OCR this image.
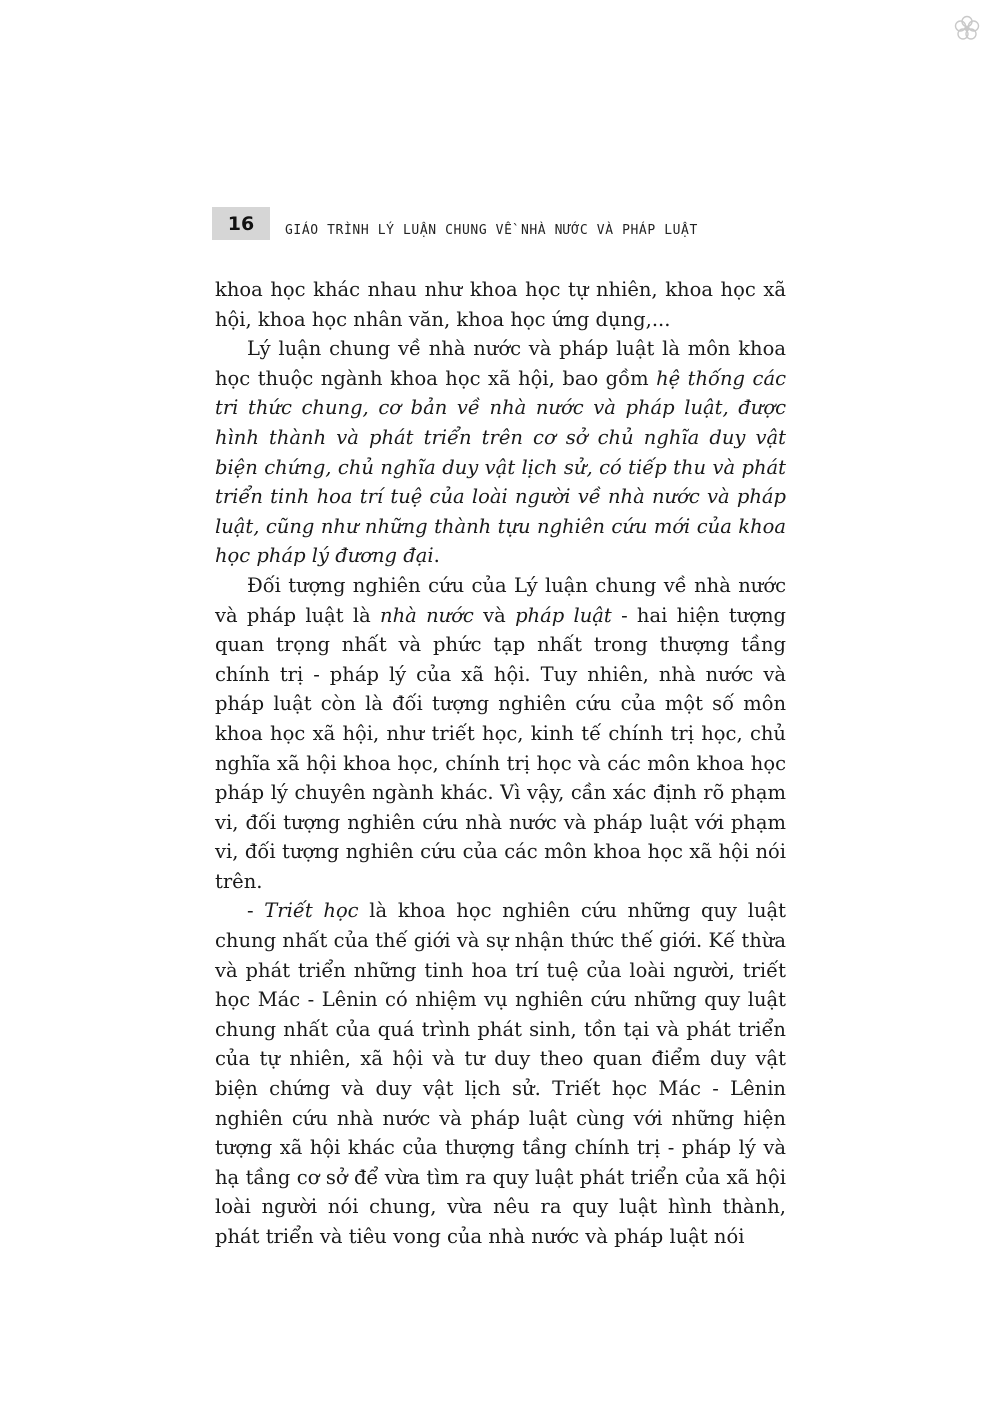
16	GIÁO TRÌNH LÝ LUẬN CHUNG VỀ NHÀ NƯỚC VÀ PHÁP LUẬT

khoa học khác nhau như khoa học tự nhiên, khoa học xã hội, khoa học nhân văn, khoa học ứng dụng,...

Lý luận chung về nhà nước và pháp luật là môn khoa học thuộc ngành khoa học xã hội, bao gồm hệ thống các tri thức chung, cơ bản về nhà nước và pháp luật, được hình thành và phát triển trên cơ sở chủ nghĩa duy vật biện chứng, chủ nghĩa duy vật lịch sử, có tiếp thu và phát triển tinh hoa trí tuệ của loài người về nhà nước và pháp luật, cũng như những thành tựu nghiên cứu mới của khoa học pháp lý đương đại.

Đối tượng nghiên cứu của Lý luận chung về nhà nước và pháp luật là nhà nước và pháp luật - hai hiện tượng quan trọng nhất và phức tạp nhất trong thượng tầng chính trị - pháp lý của xã hội. Tuy nhiên, nhà nước và pháp luật còn là đối tượng nghiên cứu của một số môn khoa học xã hội, như triết học, kinh tế chính trị học, chủ nghĩa xã hội khoa học, chính trị học và các môn khoa học pháp lý chuyên ngành khác. Vì vậy, cần xác định rõ phạm vi, đối tượng nghiên cứu nhà nước và pháp luật với phạm vi, đối tượng nghiên cứu của các môn khoa học xã hội nói trên.

- Triết học là khoa học nghiên cứu những quy luật chung nhất của thế giới và sự nhận thức thế giới. Kế thừa và phát triển những tinh hoa trí tuệ của loài người, triết học Mác - Lênin có nhiệm vụ nghiên cứu những quy luật chung nhất của quá trình phát sinh, tồn tại và phát triển của tự nhiên, xã hội và tư duy theo quan điểm duy vật biện chứng và duy vật lịch sử. Triết học Mác - Lênin nghiên cứu nhà nước và pháp luật cùng với những hiện tượng xã hội khác của thượng tầng chính trị - pháp lý và hạ tầng cơ sở để vừa tìm ra quy luật phát triển của xã hội loài người nói chung, vừa nêu ra quy luật hình thành, phát triển và tiêu vong của nhà nước và pháp luật nói
